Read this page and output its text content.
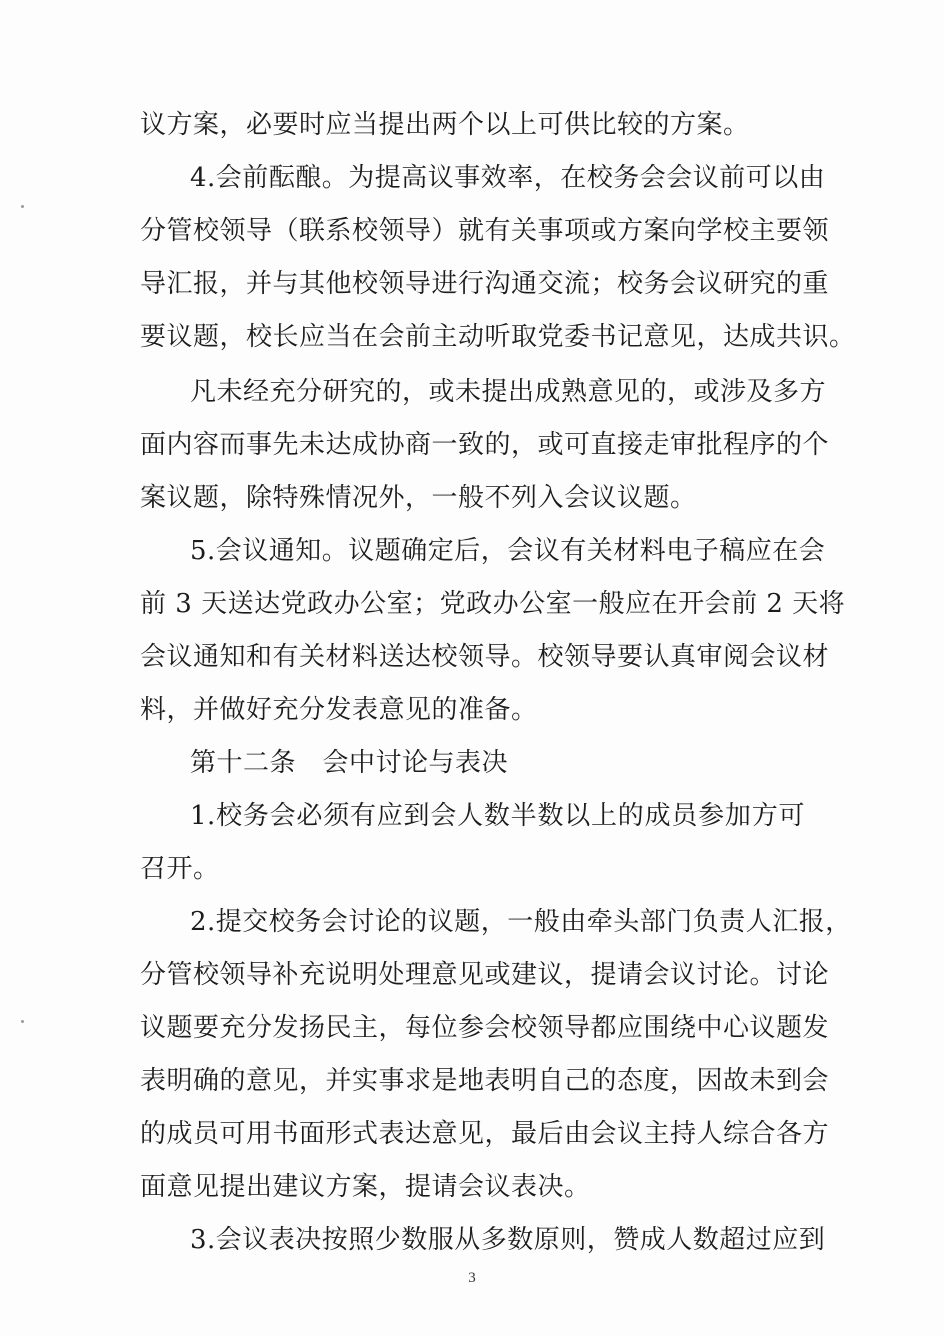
议方案，必要时应当提出两个以上可供比较的方案。
4.会前酝酿。为提高议事效率，在校务会会议前可以由
分管校领导（联系校领导）就有关事项或方案向学校主要领
导汇报，并与其他校领导进行沟通交流；校务会议研究的重
要议题，校长应当在会前主动听取党委书记意见，达成共识。
凡未经充分研究的，或未提出成熟意见的，或涉及多方
面内容而事先未达成协商一致的，或可直接走审批程序的个
案议题，除特殊情况外，一般不列入会议议题。
5.会议通知。议题确定后，会议有关材料电子稿应在会
前 3 天送达党政办公室；党政办公室一般应在开会前 2 天将
会议通知和有关材料送达校领导。校领导要认真审阅会议材
料，并做好充分发表意见的准备。
第十二条　会中讨论与表决
1.校务会必须有应到会人数半数以上的成员参加方可
召开。
2.提交校务会讨论的议题，一般由牵头部门负责人汇报，
分管校领导补充说明处理意见或建议，提请会议讨论。讨论
议题要充分发扬民主，每位参会校领导都应围绕中心议题发
表明确的意见，并实事求是地表明自己的态度，因故未到会
的成员可用书面形式表达意见，最后由会议主持人综合各方
面意见提出建议方案，提请会议表决。
3.会议表决按照少数服从多数原则，赞成人数超过应到
3
